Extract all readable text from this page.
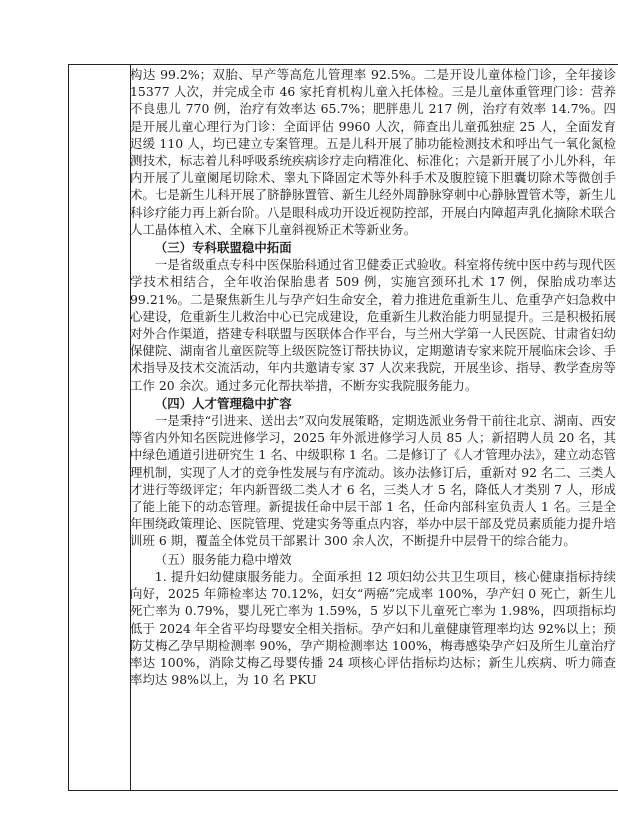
构达 99.2%；双胎、早产等高危儿管理率 92.5%。二是开设儿童体检门诊，全年接诊 15377 人次，并完成全市 46 家托育机构儿童入托体检。三是儿童体重管理门诊：营养不良患儿 770 例，治疗有效率达 65.7%；肥胖患儿 217 例，治疗有效率 14.7%。四是开展儿童心理行为门诊：全面评估 9960 人次，筛查出儿童孤独症 25 人，全面发育迟缓 110 人，均已建立专案管理。五是儿科开展了肺功能检测技术和呼出气一氧化氮检测技术，标志着儿科呼吸系统疾病诊疗走向精准化、标准化；六是新开展了小儿外科，年内开展了儿童阑尾切除术、睾丸下降固定术等外科手术及腹腔镜下胆囊切除术等微创手术。七是新生儿科开展了脐静脉置管、新生儿经外周静脉穿刺中心静脉置管术等，新生儿科诊疗能力再上新台阶。八是眼科成功开设近视防控部，开展白内障超声乳化摘除术联合人工晶体植入术、全麻下儿童斜视矫正术等新业务。

（三）专科联盟稳中拓面

一是省级重点专科中医保胎科通过省卫健委正式验收。科室将传统中医中药与现代医学技术相结合，全年收治保胎患者 509 例，实施宫颈环扎术 17 例，保胎成功率达 99.21%。二是聚焦新生儿与孕产妇生命安全，着力推进危重新生儿、危重孕产妇急救中心建设，危重新生儿救治中心已完成建设，危重新生儿救治能力明显提升。三是积极拓展对外合作渠道，搭建专科联盟与医联体合作平台，与兰州大学第一人民医院、甘肃省妇幼保健院、湖南省儿童医院等上级医院签订帮扶协议，定期邀请专家来院开展临床会诊、手术指导及技术交流活动，年内共邀请专家 37 人次来我院，开展坐诊、指导、教学查房等工作 20 余次。通过多元化帮扶举措，不断夯实我院服务能力。

（四）人才管理稳中扩容

一是秉持“引进来、送出去”双向发展策略，定期选派业务骨干前往北京、湖南、西安等省内外知名医院进修学习，2025 年外派进修学习人员 85 人；新招聘人员 20 名，其中绿色通道引进研究生 1 名、中级职称 1 名。二是修订了《人才管理办法》，建立动态管理机制，实现了人才的竞争性发展与有序流动。该办法修订后，重新对 92 名二、三类人才进行等级评定；年内新晋级二类人才 6 名，三类人才 5 名，降低人才类别 7 人，形成了能上能下的动态管理。新提拔任命中层干部 1 名，任命内部科室负责人 1 名。三是全年围绕政策理论、医院管理、党建实务等重点内容，举办中层干部及党员素质能力提升培训班 6 期，覆盖全体党员干部累计 300 余人次，不断提升中层骨干的综合能力。

（五）服务能力稳中增效

1. 提升妇幼健康服务能力。全面承担 12 项妇幼公共卫生项目，核心健康指标持续向好，2025 年筛检率达 70.12%，妇女“两癌”完成率 100%，孕产妇 0 死亡，新生儿死亡率为 0.79%，婴儿死亡率为 1.59%，5 岁以下儿童死亡率为 1.98%，四项指标均低于 2024 年全省平均母婴安全相关指标。孕产妇和儿童健康管理率均达 92%以上；预防艾梅乙孕早期检测率 90%，孕产期检测率达 100%，梅毒感染孕产妇及所生儿童治疗率达 100%，消除艾梅乙母婴传播 24 项核心评估指标均达标；新生儿疾病、听力筛查率均达 98%以上，为 10 名 PKU
